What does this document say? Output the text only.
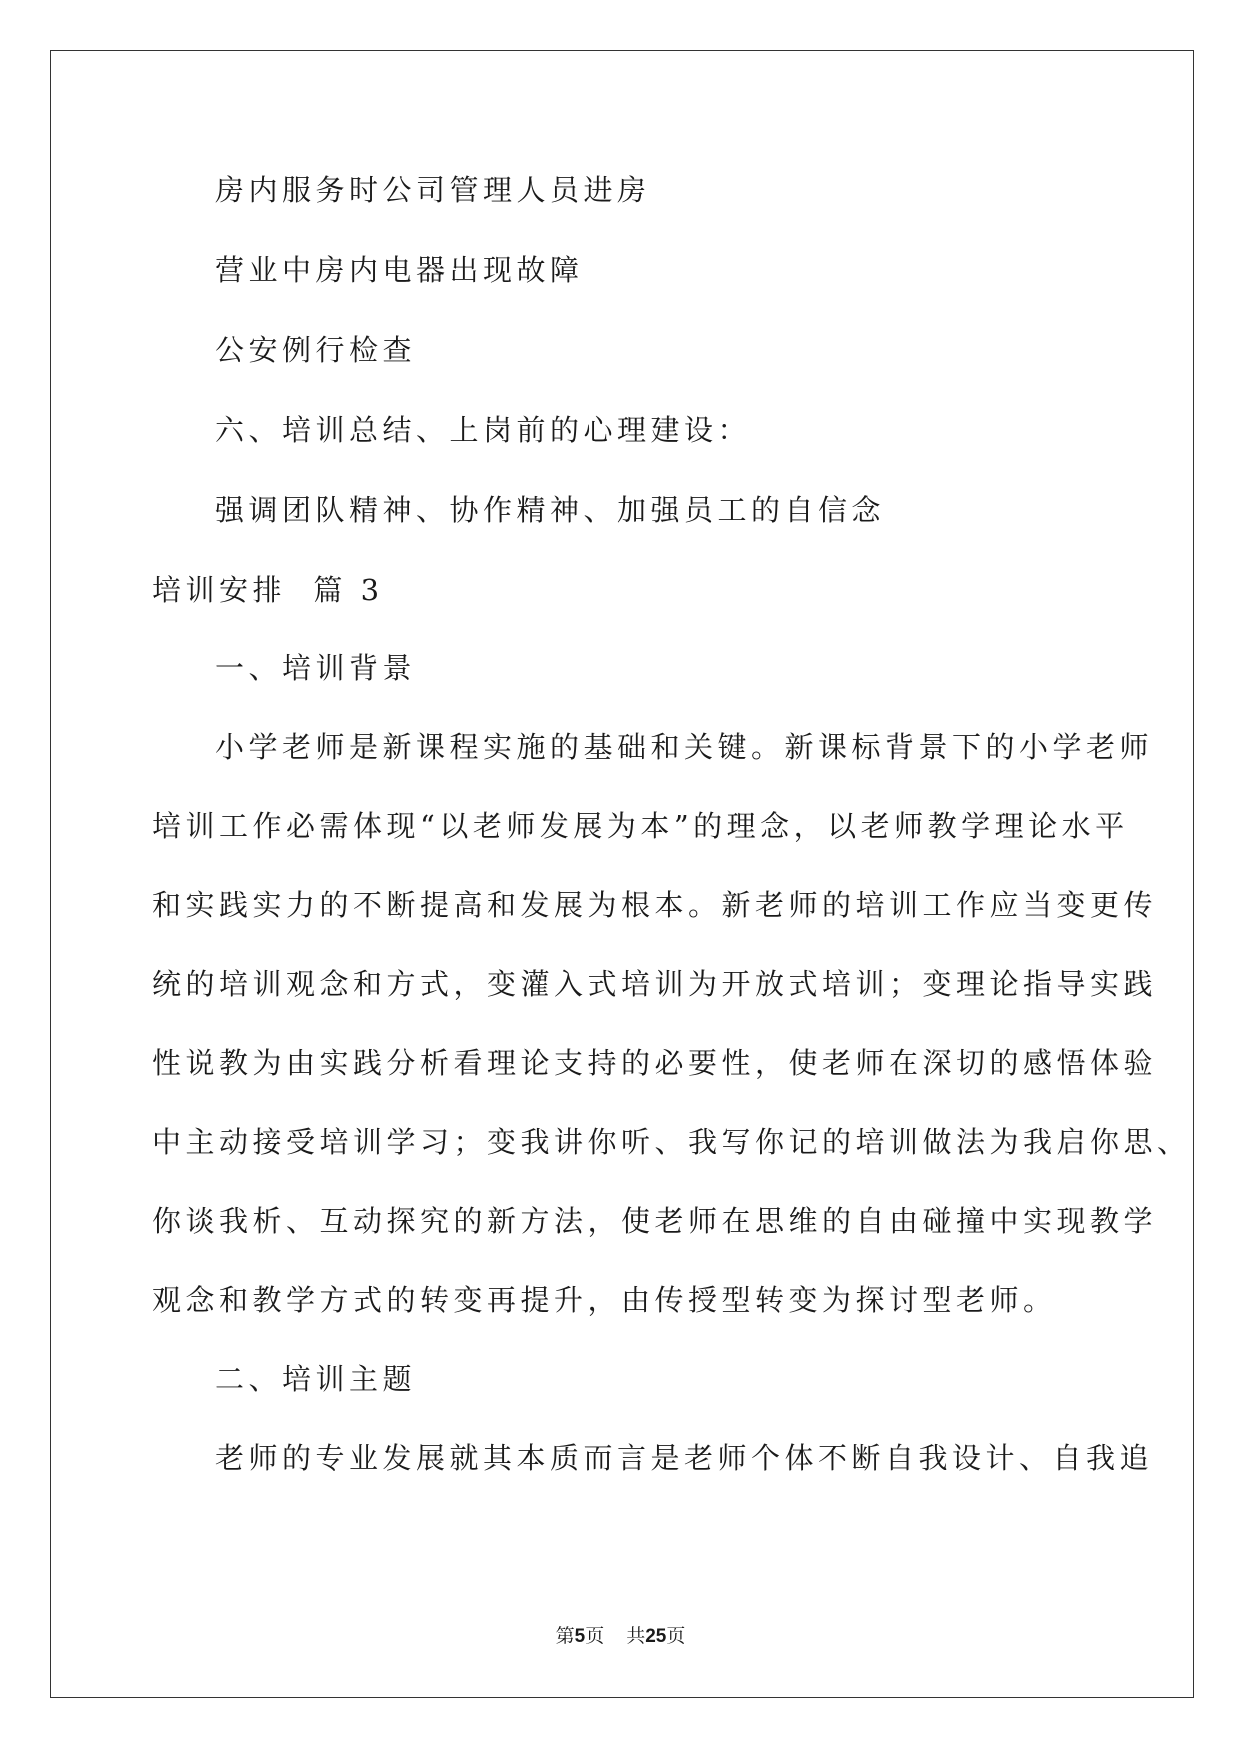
房内服务时公司管理人员进房
营业中房内电器出现故障
公安例行检查
六、培训总结、上岗前的心理建设：
强调团队精神、协作精神、加强员工的自信念
培训安排  篇 3
一、培训背景
小学老师是新课程实施的基础和关键。新课标背景下的小学老师
培训工作必需体现“以老师发展为本”的理念，以老师教学理论水平
和实践实力的不断提高和发展为根本。新老师的培训工作应当变更传
统的培训观念和方式，变灌入式培训为开放式培训；变理论指导实践
性说教为由实践分析看理论支持的必要性，使老师在深切的感悟体验
中主动接受培训学习；变我讲你听、我写你记的培训做法为我启你思、
你谈我析、互动探究的新方法，使老师在思维的自由碰撞中实现教学
观念和教学方式的转变再提升，由传授型转变为探讨型老师。
二、培训主题
老师的专业发展就其本质而言是老师个体不断自我设计、自我追
第5页 共25页
